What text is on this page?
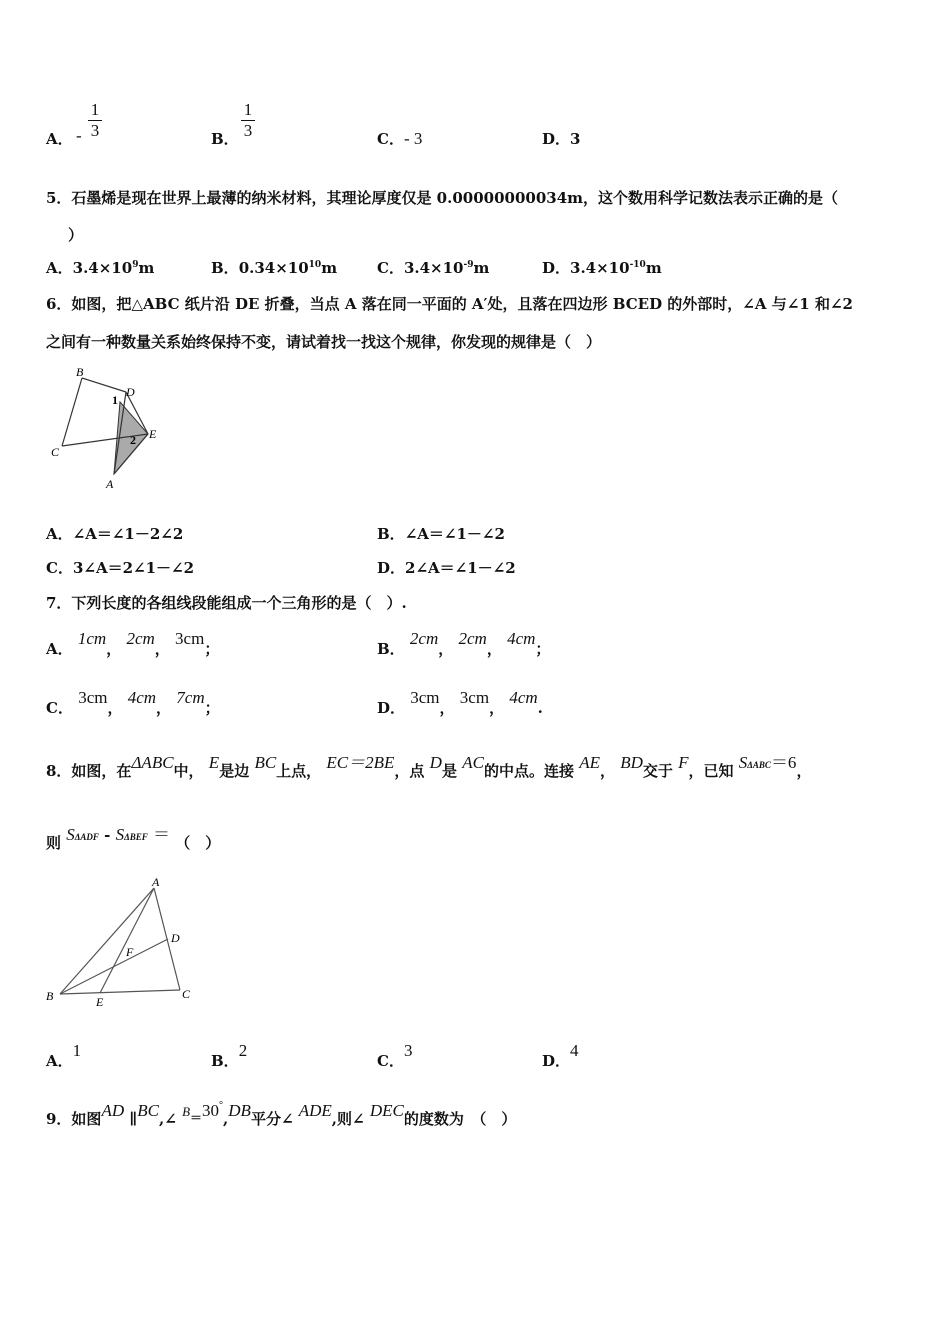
A． -
1
3	B．
1
3	C．- 3	D．3
5．石墨烯是现在世界上最薄的纳米材料，其理论厚度仅是 0.00000000034m，这个数用科学记数法表示正确的是（
）
A．$3.4\times 10^9m$	B．$0.34\times 10^{10}m$	C．$3.4\times 10^{-9}m$	D．$3.4\times 10^{-10}m$
6．如图，把△ABC 纸片沿 DE 折叠，当点 A 落在同一平面的 A′处，且落在四边形 BCED 的外部时，∠A 与∠1 和∠2
之间有一种数量关系始终保持不变，请试着找一找这个规律，你发现的规律是（　）
B
D
1
E
2
C
A
A．∠A＝∠1－2∠2	B．∠A＝∠1－∠2
C．3∠A＝2∠1－∠2	D．2∠A＝∠1－∠2
7．下列长度的各组线段能组成一个三角形的是（　）.
A． 1cm， 2cm， 3cm；	B． 2cm， 2cm， 4cm；
C． 3cm， 4cm， 7cm；	D． 3cm， 3cm， 4cm.
8．如图，在ΔABC中， E是边 BC上点， EC＝2BE，点 D是 AC的中点。连接 AE， BD交于 F，已知 SΔABC＝6，
则 SΔADF - SΔBEF ＝ （　）
A
D
F
B	E
C
A．1
B．2
C．3
D．4
9．如图AD ∥BC,∠ $B_=30^\circ,DB$平分∠ ADE,则∠ DEC的度数为　（　）
